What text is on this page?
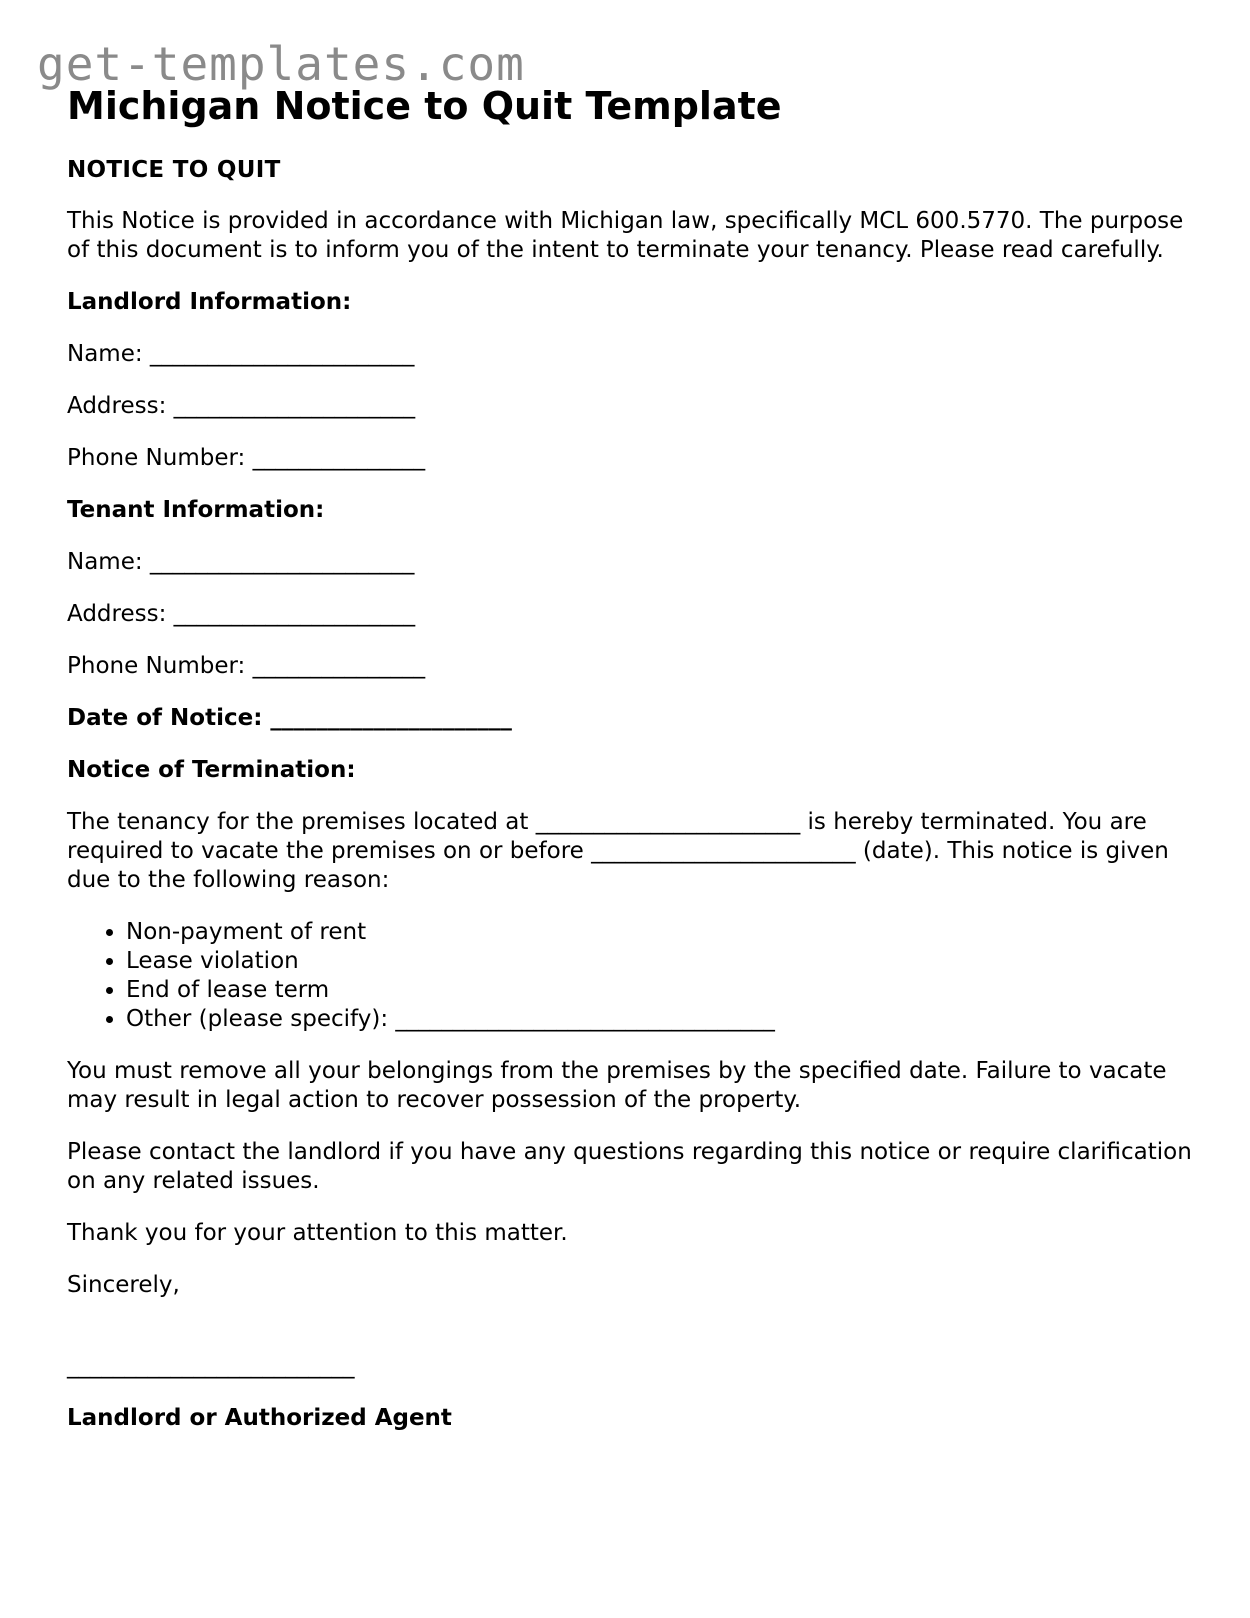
get-templates.com
Michigan Notice to Quit Template
NOTICE TO QUIT

This Notice is provided in accordance with Michigan law, specifically MCL 600.5770. The purpose of this document is to inform you of the intent to terminate your tenancy. Please read carefully.

Landlord Information:

Name: _______________________

Address: _____________________

Phone Number: _______________

Tenant Information:

Name: _______________________

Address: _____________________

Phone Number: _______________

Date of Notice: _____________________

Notice of Termination:

The tenancy for the premises located at _______________________ is hereby terminated. You are required to vacate the premises on or before _______________________ (date). This notice is given due to the following reason:

• Non-payment of rent
• Lease violation
• End of lease term
• Other (please specify): _________________________________

You must remove all your belongings from the premises by the specified date. Failure to vacate may result in legal action to recover possession of the property.

Please contact the landlord if you have any questions regarding this notice or require clarification on any related issues.

Thank you for your attention to this matter.

Sincerely,

_________________________

Landlord or Authorized Agent
